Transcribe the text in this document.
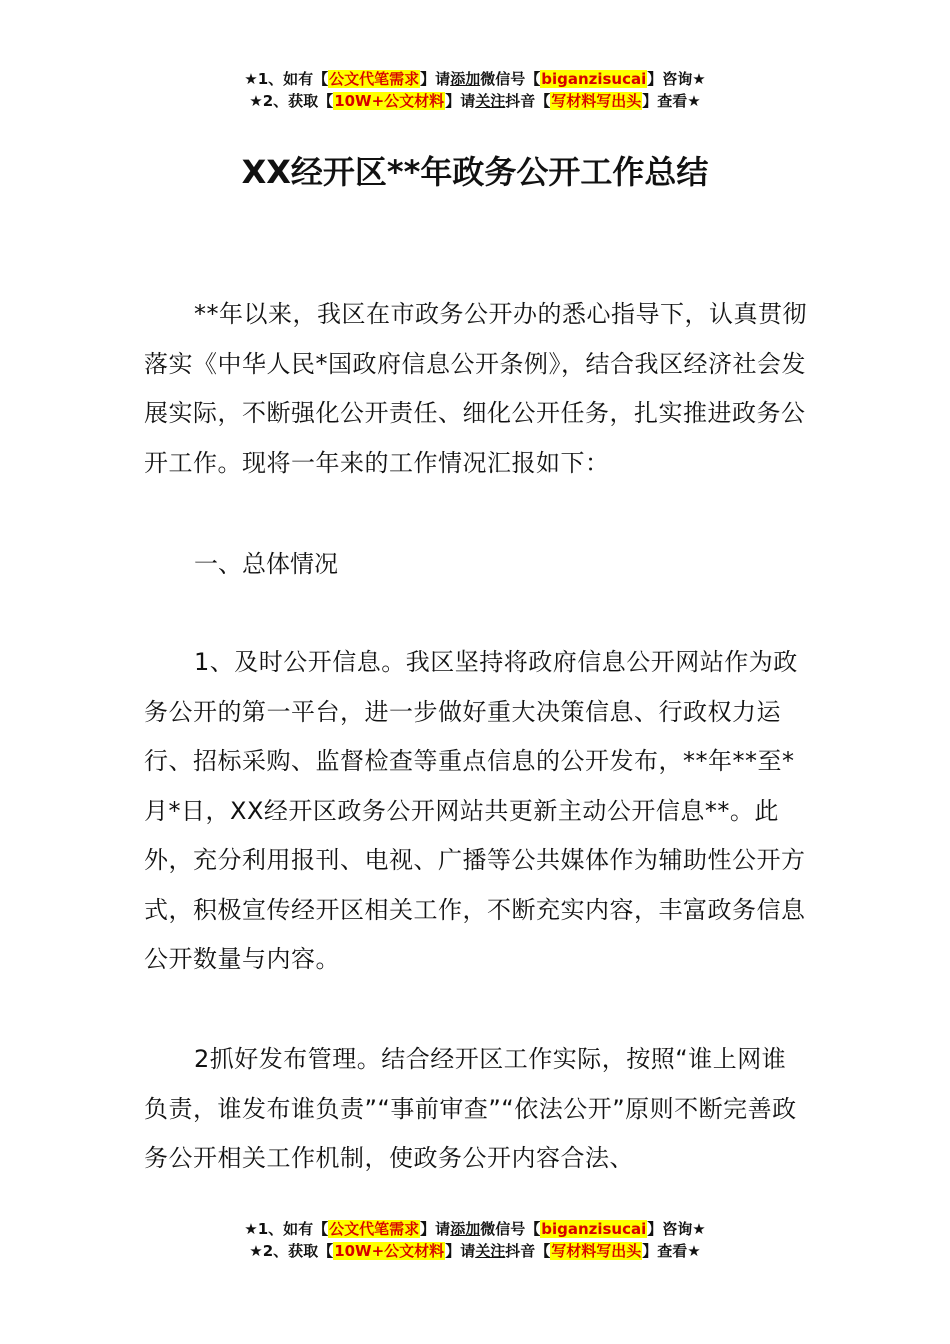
★1、如有【公文代笔需求】请添加微信号【biganzisucai】咨询★
★2、获取【10W+公文材料】请关注抖音【写材料写出头】查看★
XX经开区**年政务公开工作总结

**年以来，我区在市政务公开办的悉心指导下，认真贯彻落实《中华人民*国政府信息公开条例》，结合我区经济社会发展实际，不断强化公开责任、细化公开任务，扎实推进政务公开工作。现将一年来的工作情况汇报如下：

一、总体情况

1、及时公开信息。我区坚持将政府信息公开网站作为政务公开的第一平台，进一步做好重大决策信息、行政权力运行、招标采购、监督检查等重点信息的公开发布，**年**至*月*日，XX经开区政务公开网站共更新主动公开信息**。此外，充分利用报刊、电视、广播等公共媒体作为辅助性公开方式，积极宣传经开区相关工作，不断充实内容，丰富政务信息公开数量与内容。

2抓好发布管理。结合经开区工作实际，按照“谁上网谁负责，谁发布谁负责”“事前审查”“依法公开”原则不断完善政务公开相关工作机制，使政务公开内容合法、

★1、如有【公文代笔需求】请添加微信号【biganzisucai】咨询★
★2、获取【10W+公文材料】请关注抖音【写材料写出头】查看★
